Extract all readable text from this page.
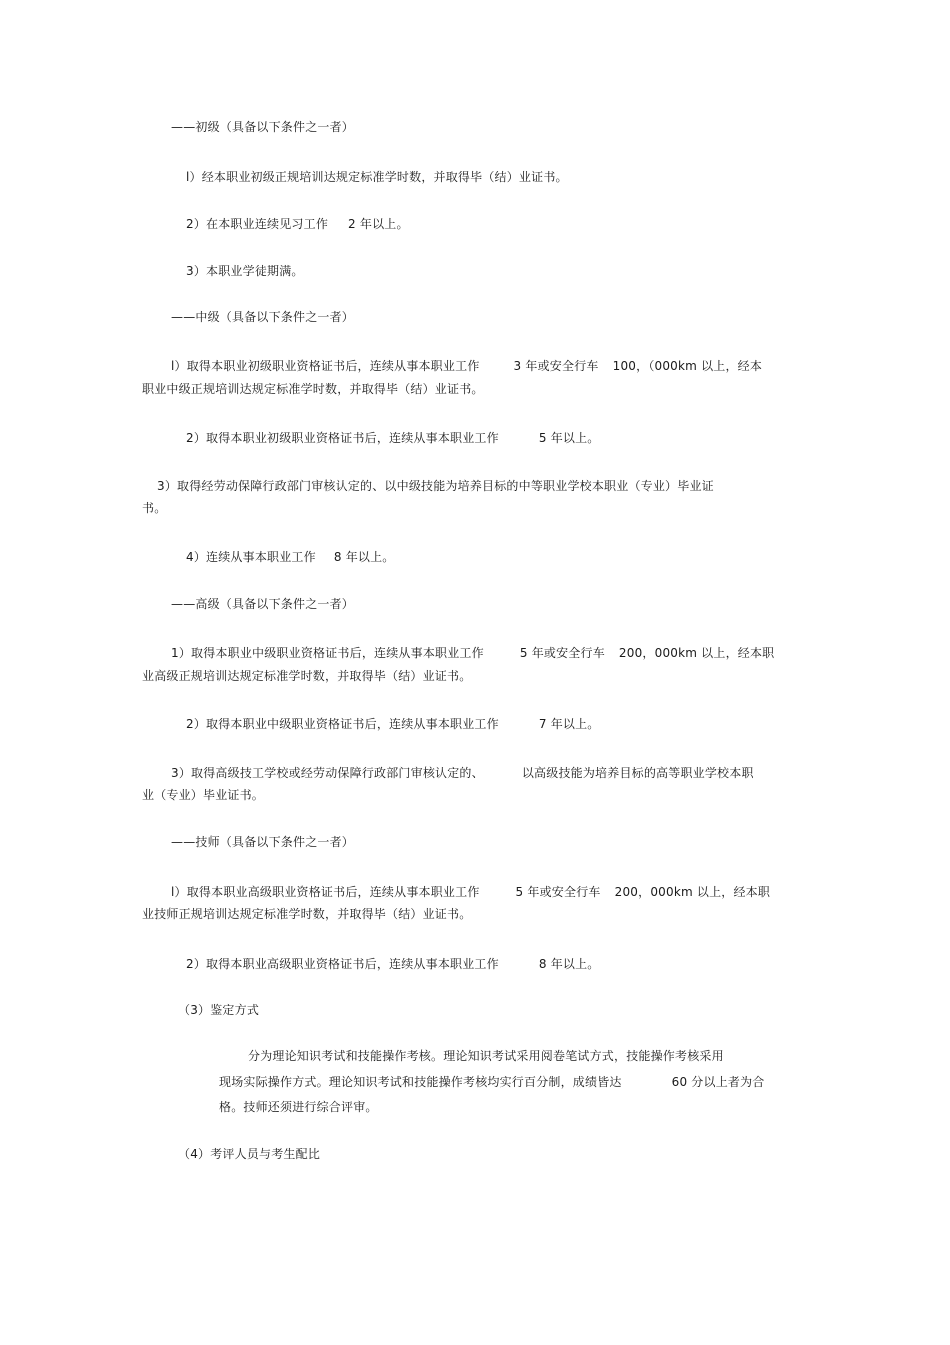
——初级（具备以下条件之一者）
l）经本职业初级正规培训达规定标准学时数，并取得毕（结）业证书。
2）在本职业连续见习工作 2 年以上。
3）本职业学徒期满。
——中级（具备以下条件之一者）
l）取得本职业初级职业资格证书后，连续从事本职业工作	3 年或安全行车 100，（000km 以上，经本
职业中级正规培训达规定标准学时数，并取得毕（结）业证书。
2）取得本职业初级职业资格证书后，连续从事本职业工作	5 年以上。
3）取得经劳动保障行政部门审核认定的、以中级技能为培养目标的中等职业学校本职业（专业）毕业证
书。
4）连续从事本职业工作 8 年以上。
——高级（具备以下条件之一者）
1）取得本职业中级职业资格证书后，连续从事本职业工作	5 年或安全行车 200，000km 以上，经本职
业高级正规培训达规定标准学时数，并取得毕（结）业证书。
2）取得本职业中级职业资格证书后，连续从事本职业工作	7 年以上。
3）取得高级技工学校或经劳动保障行政部门审核认定的、	以高级技能为培养目标的高等职业学校本职
业（专业）毕业证书。
——技师（具备以下条件之一者）
l）取得本职业高级职业资格证书后，连续从事本职业工作	5 年或安全行车 200，000km 以上，经本职
业技师正规培训达规定标准学时数，并取得毕（结）业证书。
2）取得本职业高级职业资格证书后，连续从事本职业工作	8 年以上。
（3）鉴定方式
分为理论知识考试和技能操作考核。理论知识考试采用阅卷笔试方式，技能操作考核采用
现场实际操作方式。理论知识考试和技能操作考核均实行百分制，成绩皆达	60 分以上者为合
格。技师还须进行综合评审。
（4）考评人员与考生配比
